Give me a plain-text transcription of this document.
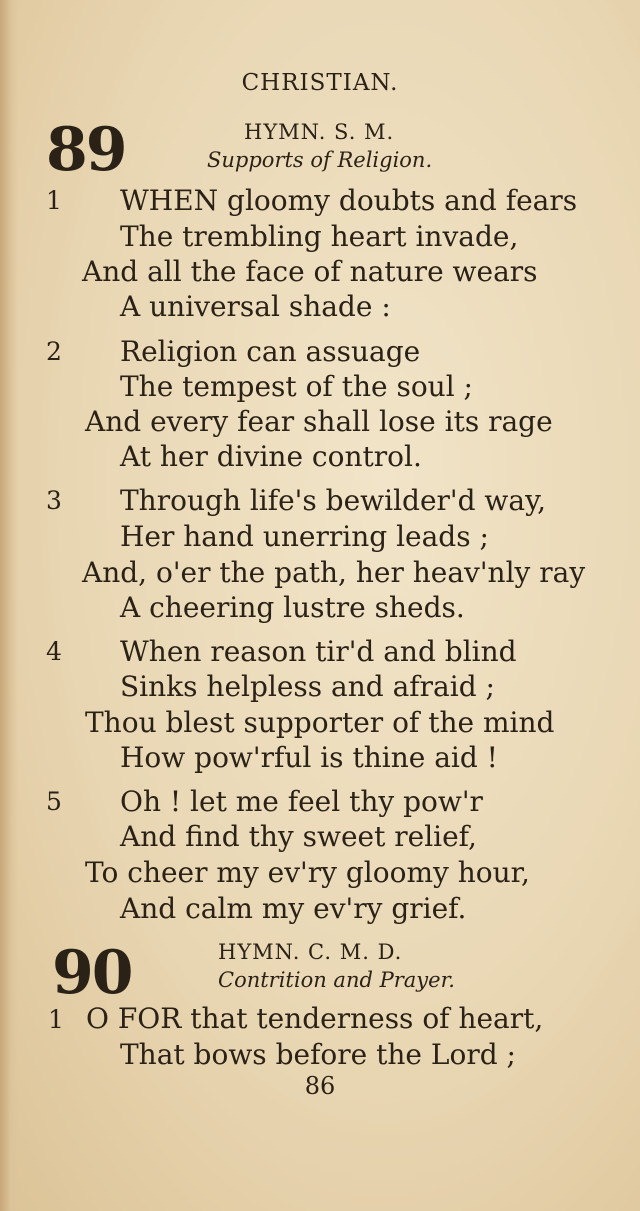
CHRISTIAN.
89	HYMN. S. M.
Supports of Religion.
1 WHEN gloomy doubts and fears
The trembling heart invade,
And all the face of nature wears
A universal shade :
2 Religion can assuage
The tempest of the soul ;
And every fear shall lose its rage
At her divine control.
3 Through life's bewilder'd way,
Her hand unerring leads ;
And, o'er the path, her heav'nly ray
A cheering lustre sheds.
4 When reason tir'd and blind
Sinks helpless and afraid ;
Thou blest supporter of the mind
How pow'rful is thine aid !
5 Oh ! let me feel thy pow'r
And find thy sweet relief,
To cheer my ev'ry gloomy hour,
And calm my ev'ry grief.
90	HYMN. C. M. D.
Contrition and Prayer.
1 O FOR that tenderness of heart,
That bows before the Lord ;
86
